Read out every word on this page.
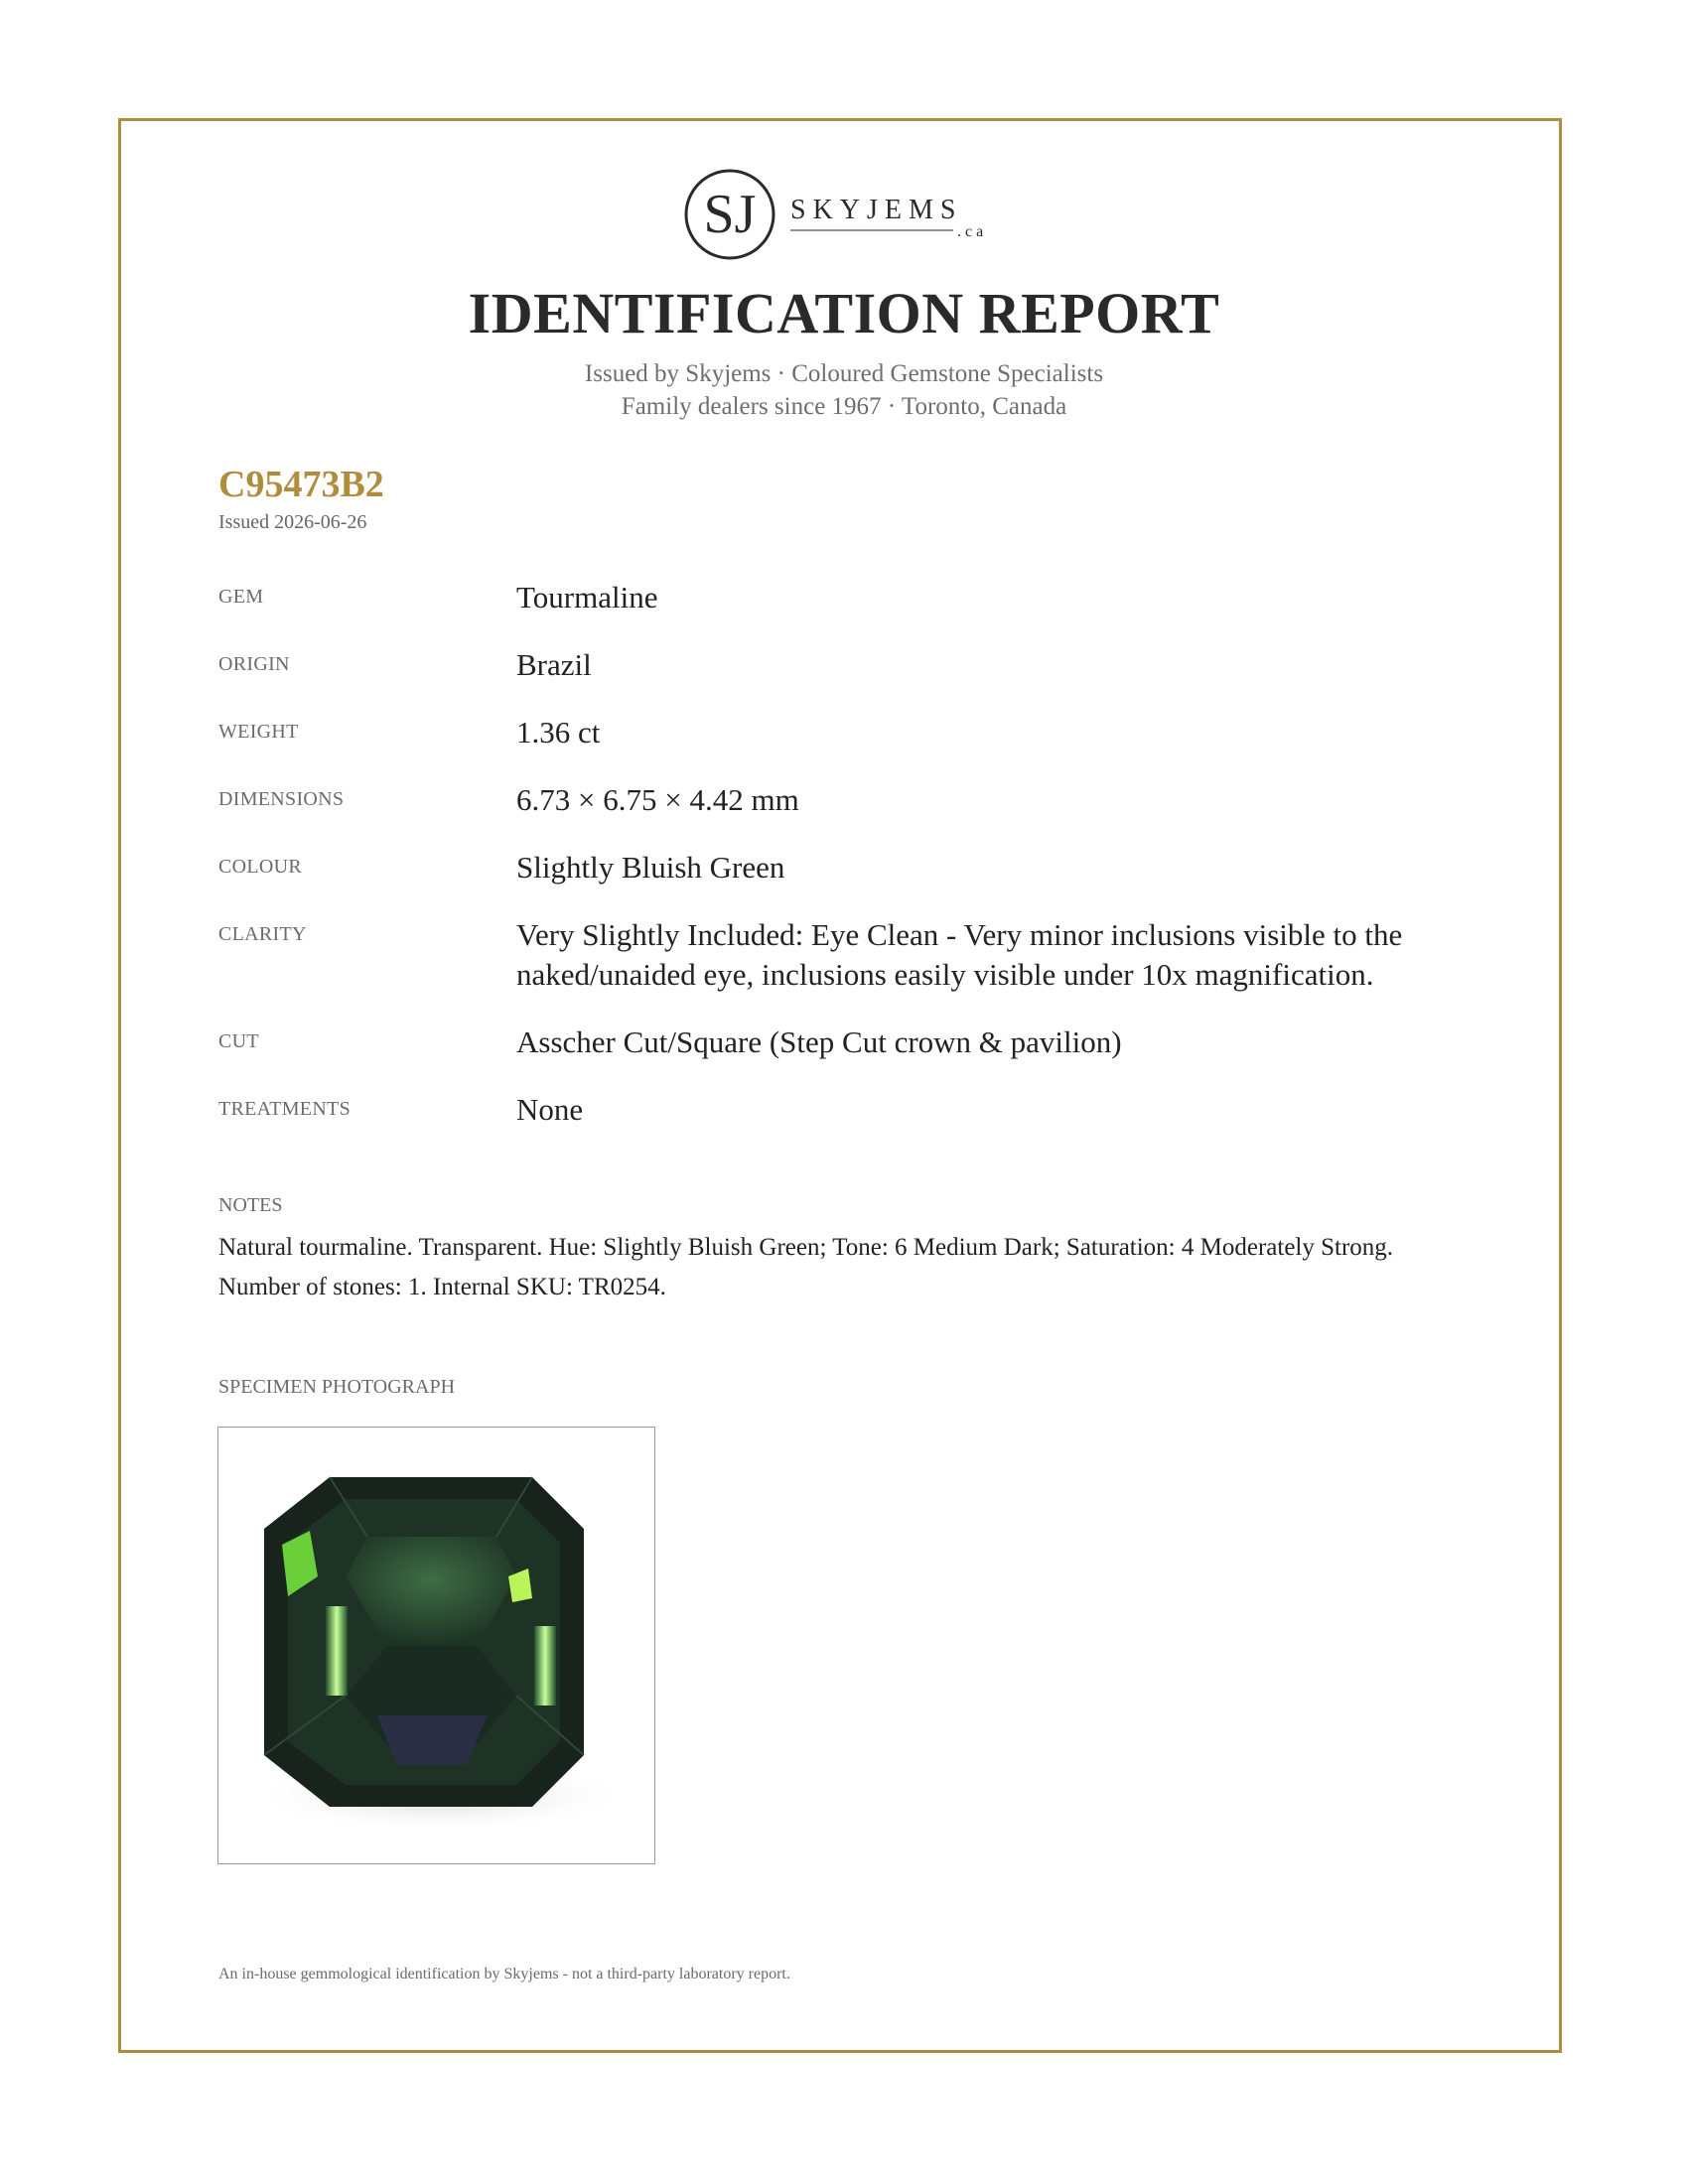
SJ SKYJEMS
.ca
IDENTIFICATION REPORT
Issued by Skyjems · Coloured Gemstone Specialists
Family dealers since 1967 · Toronto, Canada
C95473B2
Issued 2026-06-26
GEM	Tourmaline
ORIGIN	Brazil
WEIGHT	1.36 ct
DIMENSIONS	6.73 × 6.75 × 4.42 mm
COLOUR	Slightly Bluish Green
CLARITY	Very Slightly Included: Eye Clean - Very minor inclusions visible to the naked/unaided eye, inclusions easily visible under 10x magnification.
CUT	Asscher Cut/Square (Step Cut crown & pavilion)
TREATMENTS	None
NOTES
Natural tourmaline. Transparent. Hue: Slightly Bluish Green; Tone: 6 Medium Dark; Saturation: 4 Moderately Strong. Number of stones: 1. Internal SKU: TR0254.
SPECIMEN PHOTOGRAPH
An in-house gemmological identification by Skyjems - not a third-party laboratory report.
